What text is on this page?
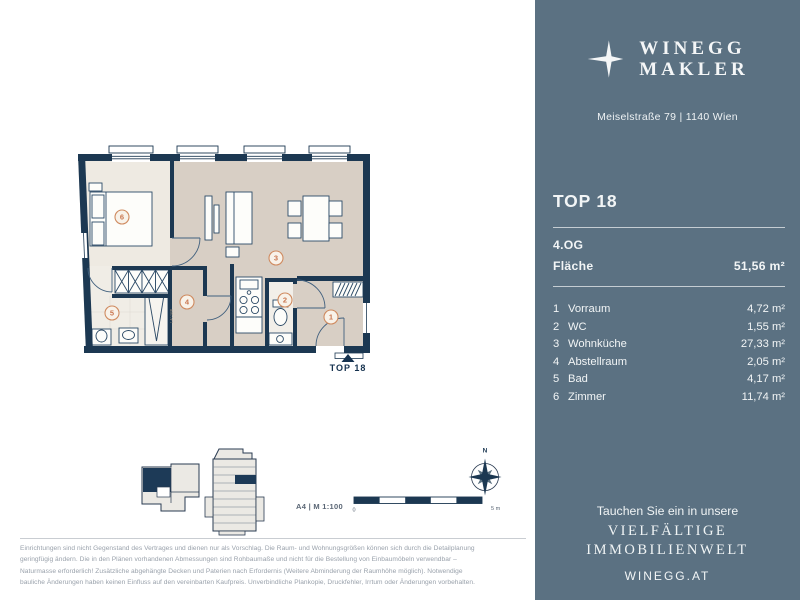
1
2
3
4
5
6
1,40 SBR
TOP 18
A4 | M 1:100 0	5 m
N
Einrichtungen sind nicht Gegenstand des Vertrages und dienen nur als Vorschlag. Die Raum- und Wohnungsgrößen können sich durch die Detailplanung
geringfügig ändern. Die in den Plänen vorhandenen Abmessungen sind Rohbaumaße und nicht für die Bestellung von Einbaumöbeln verwendbar –
Naturmasse erforderlich! Zusätzliche abgehängte Decken und Paterien nach Erfordernis (Weitere Abminderung der Raumhöhe möglich). Notwendige
bauliche Änderungen haben keinen Einfluss auf den vereinbarten Kaufpreis. Unverbindliche Plankopie, Druckfehler, Irrtum oder Änderungen vorbehalten.
WINEGG
MAKLER
Meiselstraße 79 | 1140 Wien
TOP 18
4.OG
Fläche	51,56 m²
1 Vorraum	4,72 m²
2 WC	1,55 m²
3 Wohnküche	27,33 m²
4 Abstellraum	2,05 m²
5 Bad	4,17 m²
6 Zimmer	11,74 m²
Tauchen Sie ein in unsere
VIELFÄLTIGE
IMMOBILIENWELT
WINEGG.AT
